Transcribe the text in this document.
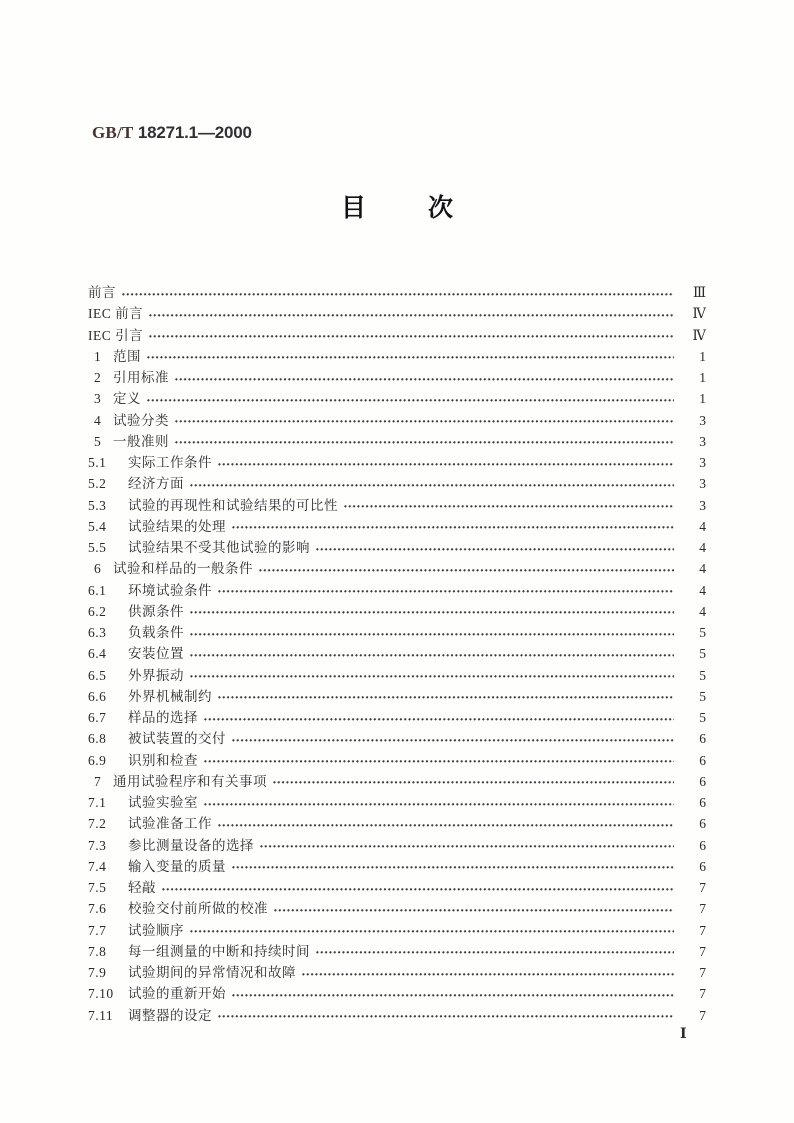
GB/T 18271.1—2000
目次
前言	Ⅲ
IEC 前言	Ⅳ
IEC 引言	Ⅳ
1 范围	1
2 引用标准	1
3 定义	1
4 试验分类	3
5 一般准则	3
5.1	实际工作条件	3
5.2	经济方面	3
5.3	试验的再现性和试验结果的可比性	3
5.4	试验结果的处理	4
5.5	试验结果不受其他试验的影响	4
6 试验和样品的一般条件	4
6.1	环境试验条件	4
6.2	供源条件	4
6.3	负载条件	5
6.4	安装位置	5
6.5	外界振动	5
6.6	外界机械制约	5
6.7	样品的选择	5
6.8	被试装置的交付	6
6.9	识别和检查	6
7 通用试验程序和有关事项	6
7.1	试验实验室	6
7.2	试验准备工作	6
7.3	参比测量设备的选择	6
7.4	输入变量的质量	6
7.5	轻敲	7
7.6	校验交付前所做的校准	7
7.7	试验顺序	7
7.8	每一组测量的中断和持续时间	7
7.9	试验期间的异常情况和故障	7
7.10	试验的重新开始	7
7.11	调整器的设定	7
Ⅰ
